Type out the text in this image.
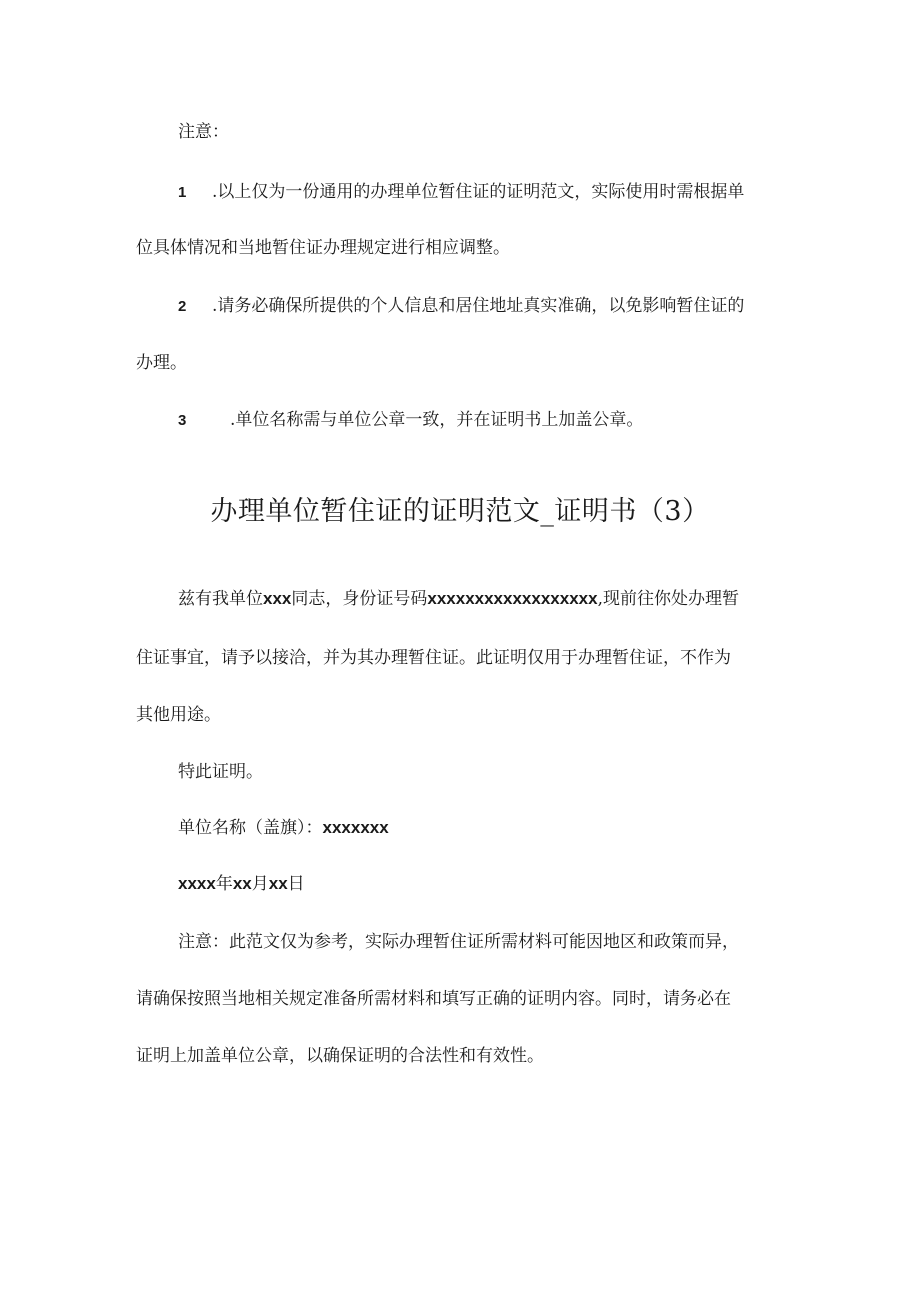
注意：
1 .以上仅为一份通用的办理单位暂住证的证明范文，实际使用时需根据单
位具体情况和当地暂住证办理规定进行相应调整。
2 .请务必确保所提供的个人信息和居住地址真实准确，以免影响暂住证的
办理。
3	.单位名称需与单位公章一致，并在证明书上加盖公章。
办理单位暂住证的证明范文_证明书（3）
兹有我单位xxx同志，身份证号码xxxxxxxxxxxxxxxxxx,现前往你处办理暂
住证事宜，请予以接洽，并为其办理暂住证。此证明仅用于办理暂住证，不作为
其他用途。
特此证明。
单位名称（盖旗）：xxxxxxx
xxxx年xx月xx日
注意：此范文仅为参考，实际办理暂住证所需材料可能因地区和政策而异，
请确保按照当地相关规定准备所需材料和填写正确的证明内容。同时，请务必在
证明上加盖单位公章，以确保证明的合法性和有效性。
